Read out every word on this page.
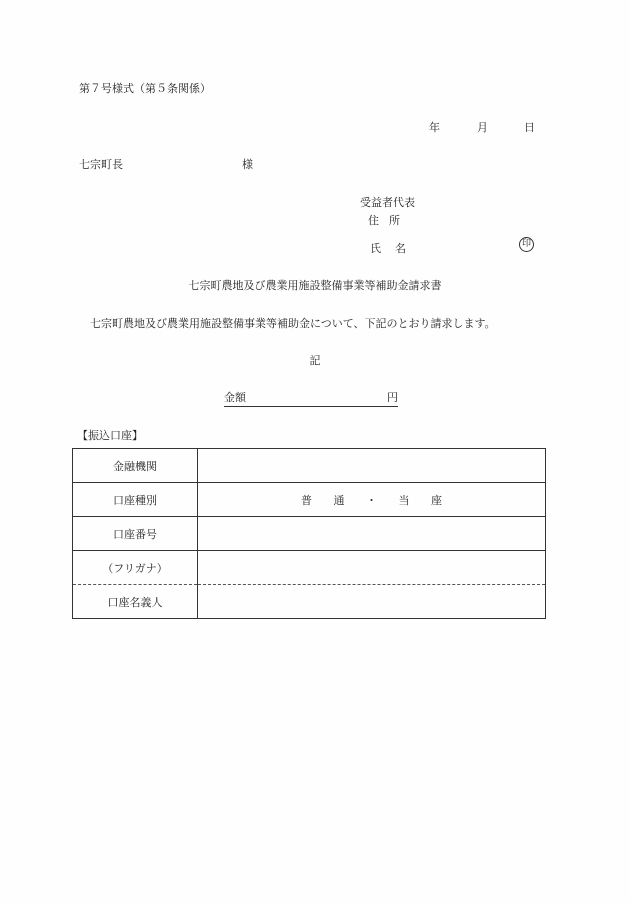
第７号様式（第５条関係）
年	月	日
七宗町長	様
受益者代表
住所
氏名	印
七宗町農地及び農業用施設整備事業等補助金請求書
七宗町農地及び農業用施設整備事業等補助金について、下記のとおり請求します。
記
金額	円
【振込口座】
金融機関	
口座種別	普 通 ・ 当 座
口座番号	
（フリガナ）	
口座名義人	
